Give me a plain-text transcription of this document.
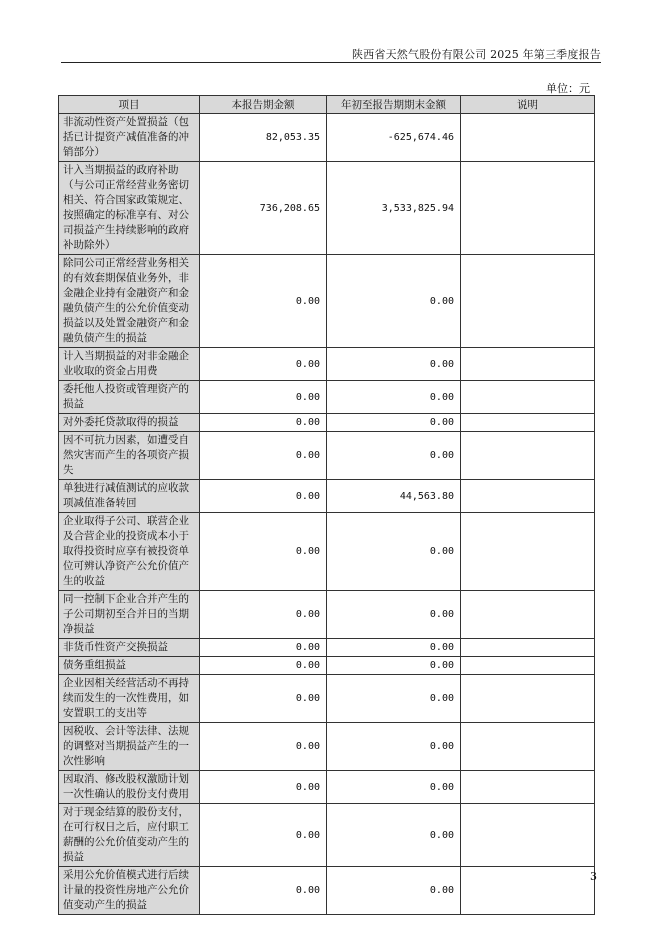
陕西省天然气股份有限公司 2025 年第三季度报告
单位：元
项目	本报告期金额	年初至报告期期末金额	说明
非流动性资产处置损益（包括已计提资产减值准备的冲销部分）	82,053.35	-625,674.46	
计入当期损益的政府补助（与公司正常经营业务密切相关、符合国家政策规定、按照确定的标准享有、对公司损益产生持续影响的政府补助除外）	736,208.65	3,533,825.94	
除同公司正常经营业务相关的有效套期保值业务外，非金融企业持有金融资产和金融负债产生的公允价值变动损益以及处置金融资产和金融负债产生的损益	0.00	0.00	
计入当期损益的对非金融企业收取的资金占用费	0.00	0.00	
委托他人投资或管理资产的损益	0.00	0.00	
对外委托贷款取得的损益	0.00	0.00	
因不可抗力因素，如遭受自然灾害而产生的各项资产损失	0.00	0.00	
单独进行减值测试的应收款项减值准备转回	0.00	44,563.80	
企业取得子公司、联营企业及合营企业的投资成本小于取得投资时应享有被投资单位可辨认净资产公允价值产生的收益	0.00	0.00	
同一控制下企业合并产生的子公司期初至合并日的当期净损益	0.00	0.00	
非货币性资产交换损益	0.00	0.00	
债务重组损益	0.00	0.00	
企业因相关经营活动不再持续而发生的一次性费用，如安置职工的支出等	0.00	0.00	
因税收、会计等法律、法规的调整对当期损益产生的一次性影响	0.00	0.00	
因取消、修改股权激励计划一次性确认的股份支付费用	0.00	0.00	
对于现金结算的股份支付，在可行权日之后，应付职工薪酬的公允价值变动产生的损益	0.00	0.00	
采用公允价值模式进行后续计量的投资性房地产公允价值变动产生的损益	0.00	0.00	
3
